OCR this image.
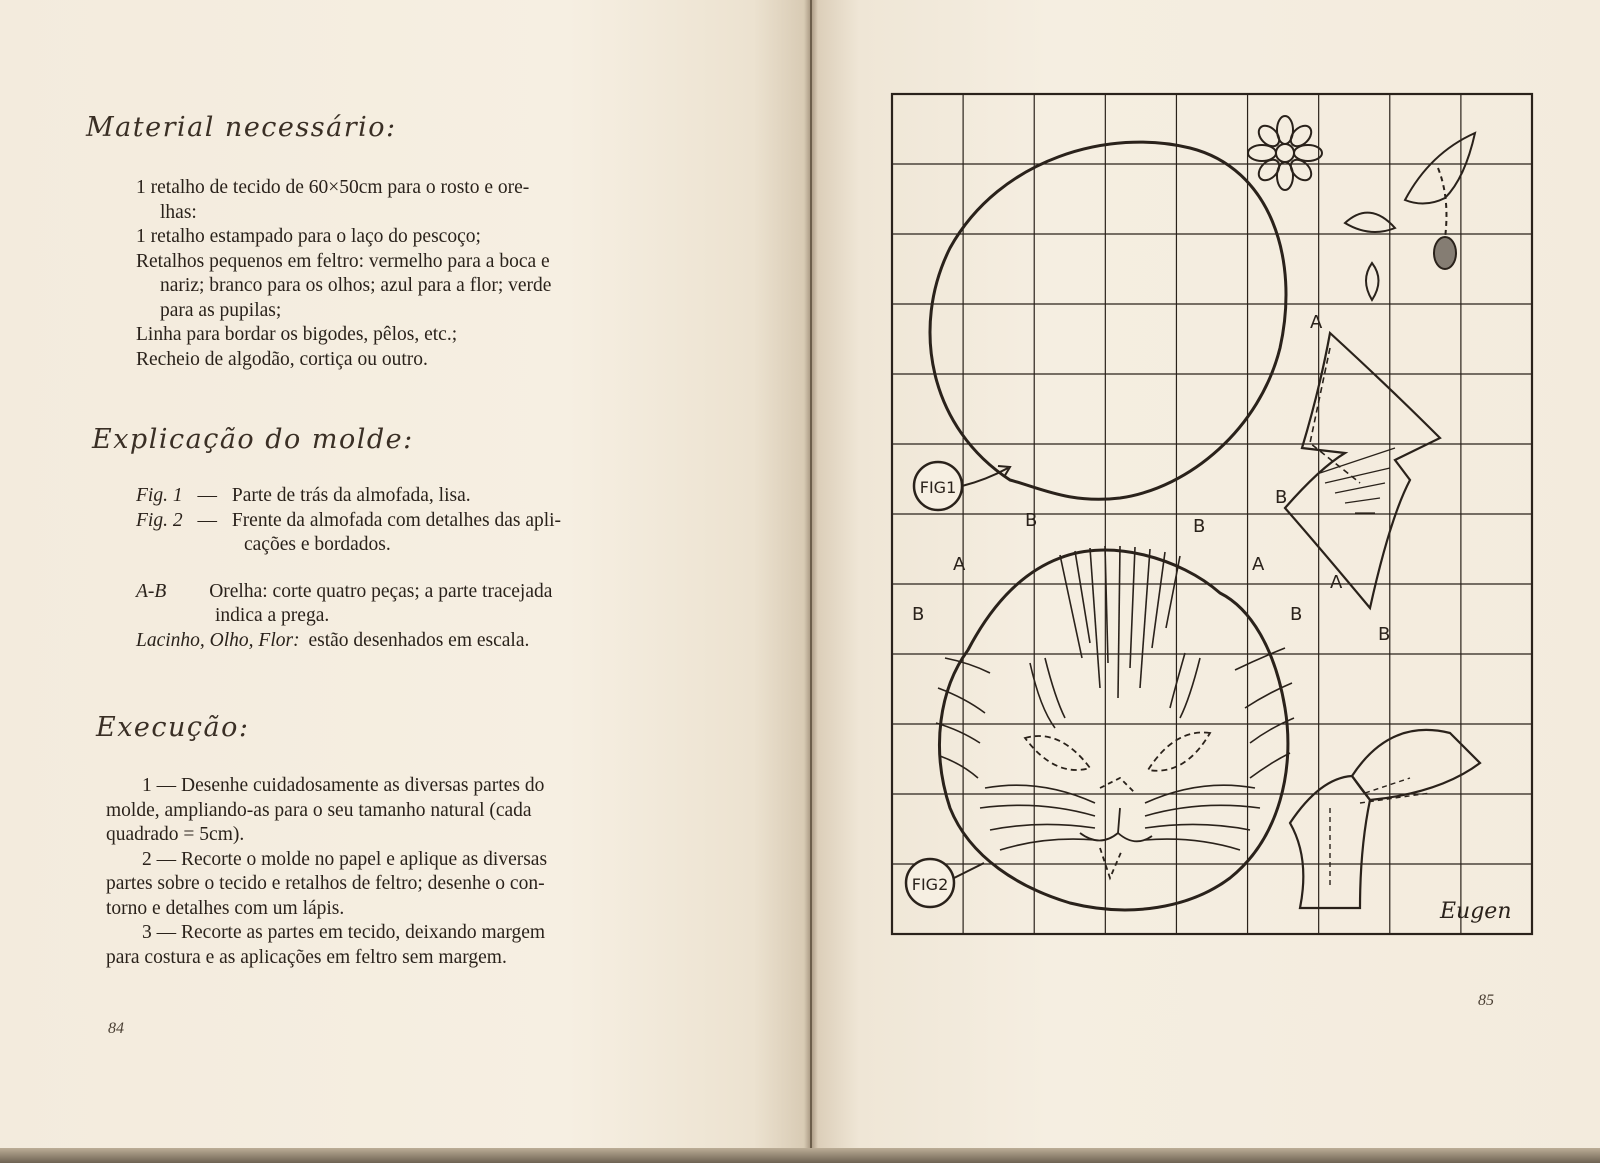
Material necessário:
1 retalho de tecido de 60×50cm para o rosto e ore-
lhas:
1 retalho estampado para o laço do pescoço;
Retalhos pequenos em feltro: vermelho para a boca e
nariz; branco para os olhos; azul para a flor; verde
para as pupilas;
Linha para bordar os bigodes, pêlos, etc.;
Recheio de algodão, cortiça ou outro.
Explicação do molde:
Fig. 1 — Parte de trás da almofada, lisa.
Fig. 2 — Frente da almofada com detalhes das apli-
cações e bordados.
A-B Orelha: corte quatro peças; a parte tracejada
indica a prega.
Lacinho, Olho, Flor: estão desenhados em escala.
Execução:
1 — Desenhe cuidadosamente as diversas partes do
molde, ampliando-as para o seu tamanho natural (cada
quadrado = 5cm).
2 — Recorte o molde no papel e aplique as diversas
partes sobre o tecido e retalhos de feltro; desenhe o con-
torno e detalhes com um lápis.
3 — Recorte as partes em tecido, deixando margem
para costura e as aplicações em feltro sem margem.
84
85
FIG1
FIG2
B	B
A	A
B	B
B
A
B
A
Eugen
